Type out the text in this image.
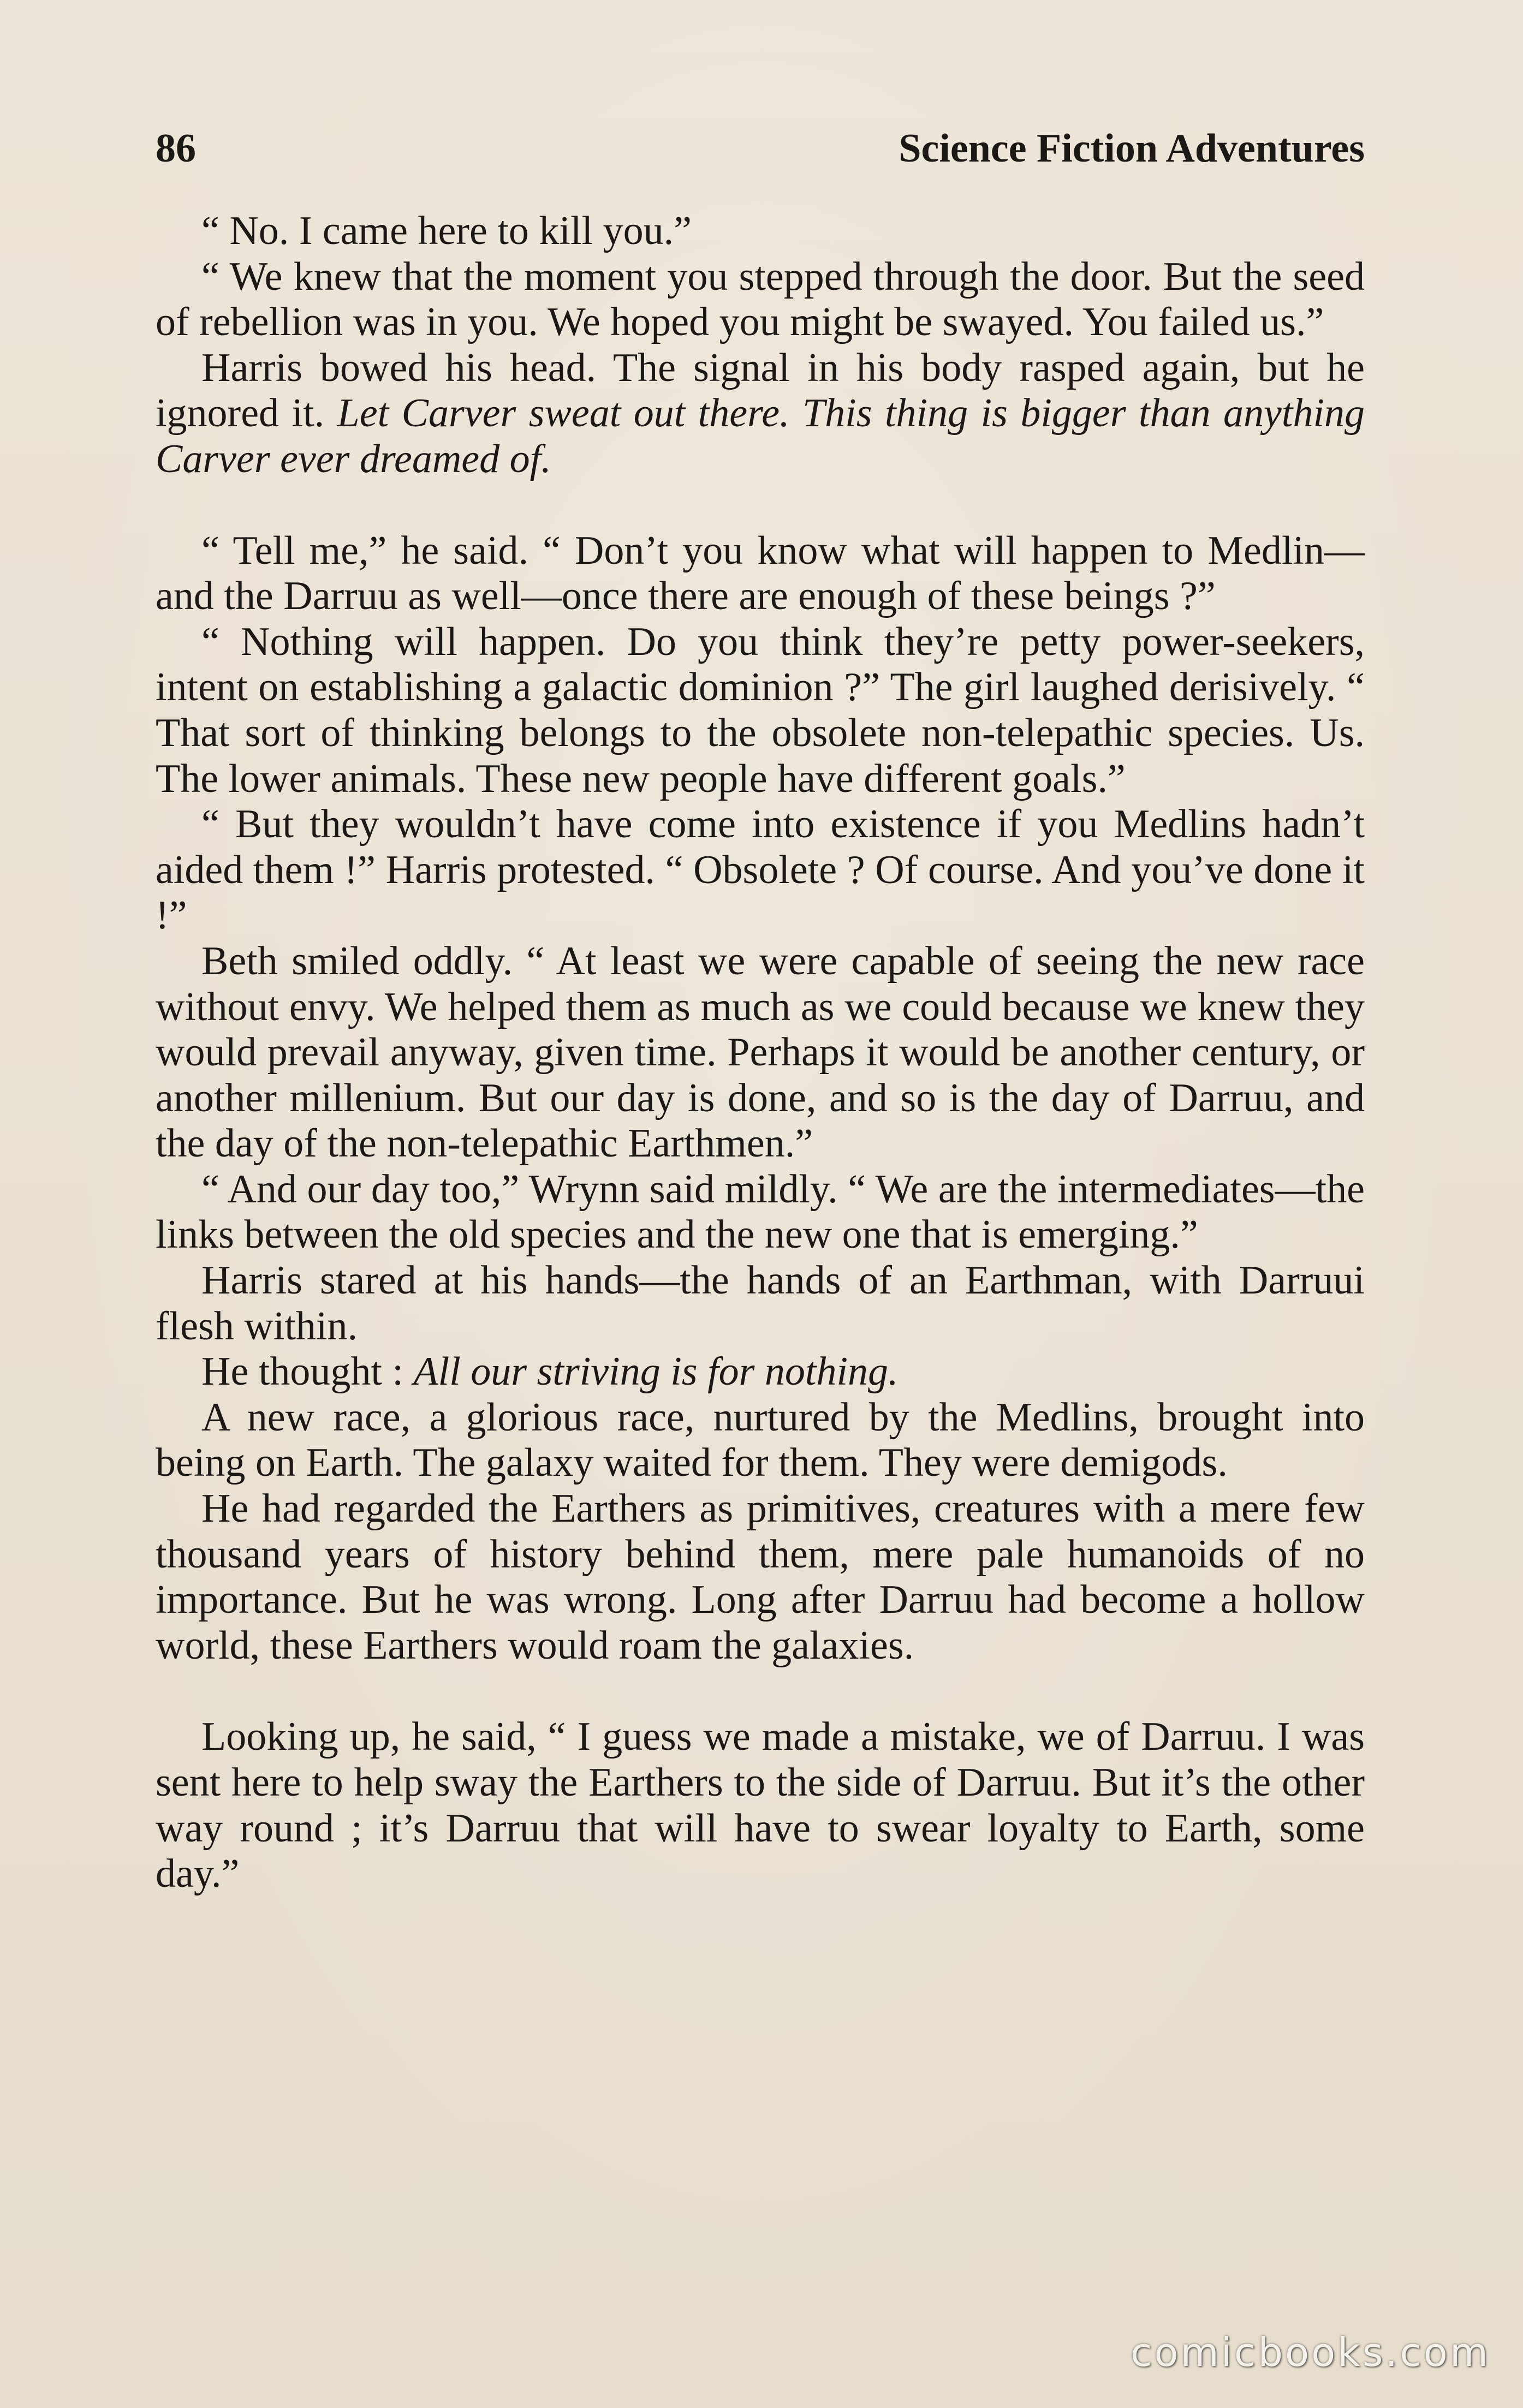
86	Science Fiction Adventures

“ No. I came here to kill you.”

“ We knew that the moment you stepped through the door. But the seed of rebellion was in you. We hoped you might be swayed. You failed us.”

Harris bowed his head. The signal in his body rasped again, but he ignored it. Let Carver sweat out there. This thing is bigger than anything Carver ever dreamed of.

“ Tell me,” he said. “ Don’t you know what will happen to Medlin—and the Darruu as well—once there are enough of these beings ?”

“ Nothing will happen. Do you think they’re petty power-seekers, intent on establishing a galactic dominion ?” The girl laughed derisively. “ That sort of thinking belongs to the obsolete non-telepathic species. Us. The lower animals. These new people have different goals.”

“ But they wouldn’t have come into existence if you Medlins hadn’t aided them !” Harris protested. “ Obsolete ? Of course. And you’ve done it !”

Beth smiled oddly. “ At least we were capable of seeing the new race without envy. We helped them as much as we could because we knew they would prevail anyway, given time. Perhaps it would be another century, or another millenium. But our day is done, and so is the day of Darruu, and the day of the non-telepathic Earthmen.”

“ And our day too,” Wrynn said mildly. “ We are the intermediates—the links between the old species and the new one that is emerging.”

Harris stared at his hands—the hands of an Earthman, with Darruui flesh within.

He thought : All our striving is for nothing.

A new race, a glorious race, nurtured by the Medlins, brought into being on Earth. The galaxy waited for them. They were demigods.

He had regarded the Earthers as primitives, creatures with a mere few thousand years of history behind them, mere pale humanoids of no importance. But he was wrong. Long after Darruu had become a hollow world, these Earthers would roam the galaxies.

Looking up, he said, “ I guess we made a mistake, we of Darruu. I was sent here to help sway the Earthers to the side of Darruu. But it’s the other way round ; it’s Darruu that will have to swear loyalty to Earth, some day.”

comicbooks.com
